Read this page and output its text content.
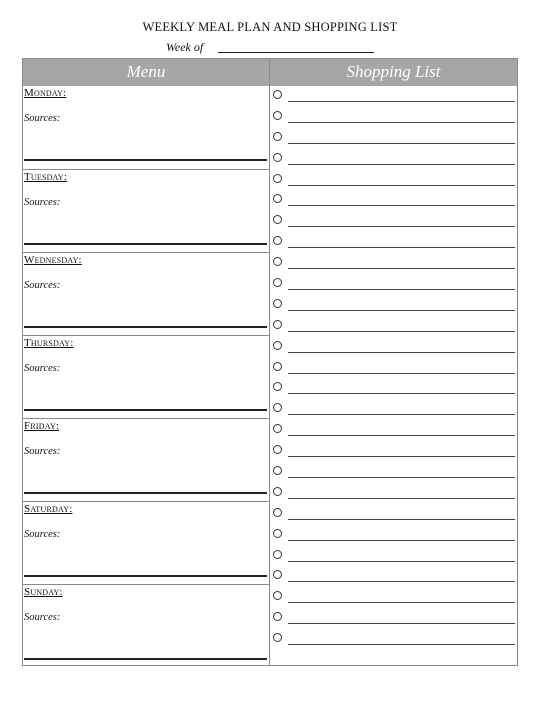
WEEKLY MEAL PLAN AND SHOPPING LIST
Week of
Menu	Shopping List
Monday:
Sources:
Tuesday:
Sources:
Wednesday:
Sources:
Thursday:
Sources:
Friday:
Sources:
Saturday:
Sources:
Sunday:
Sources:
